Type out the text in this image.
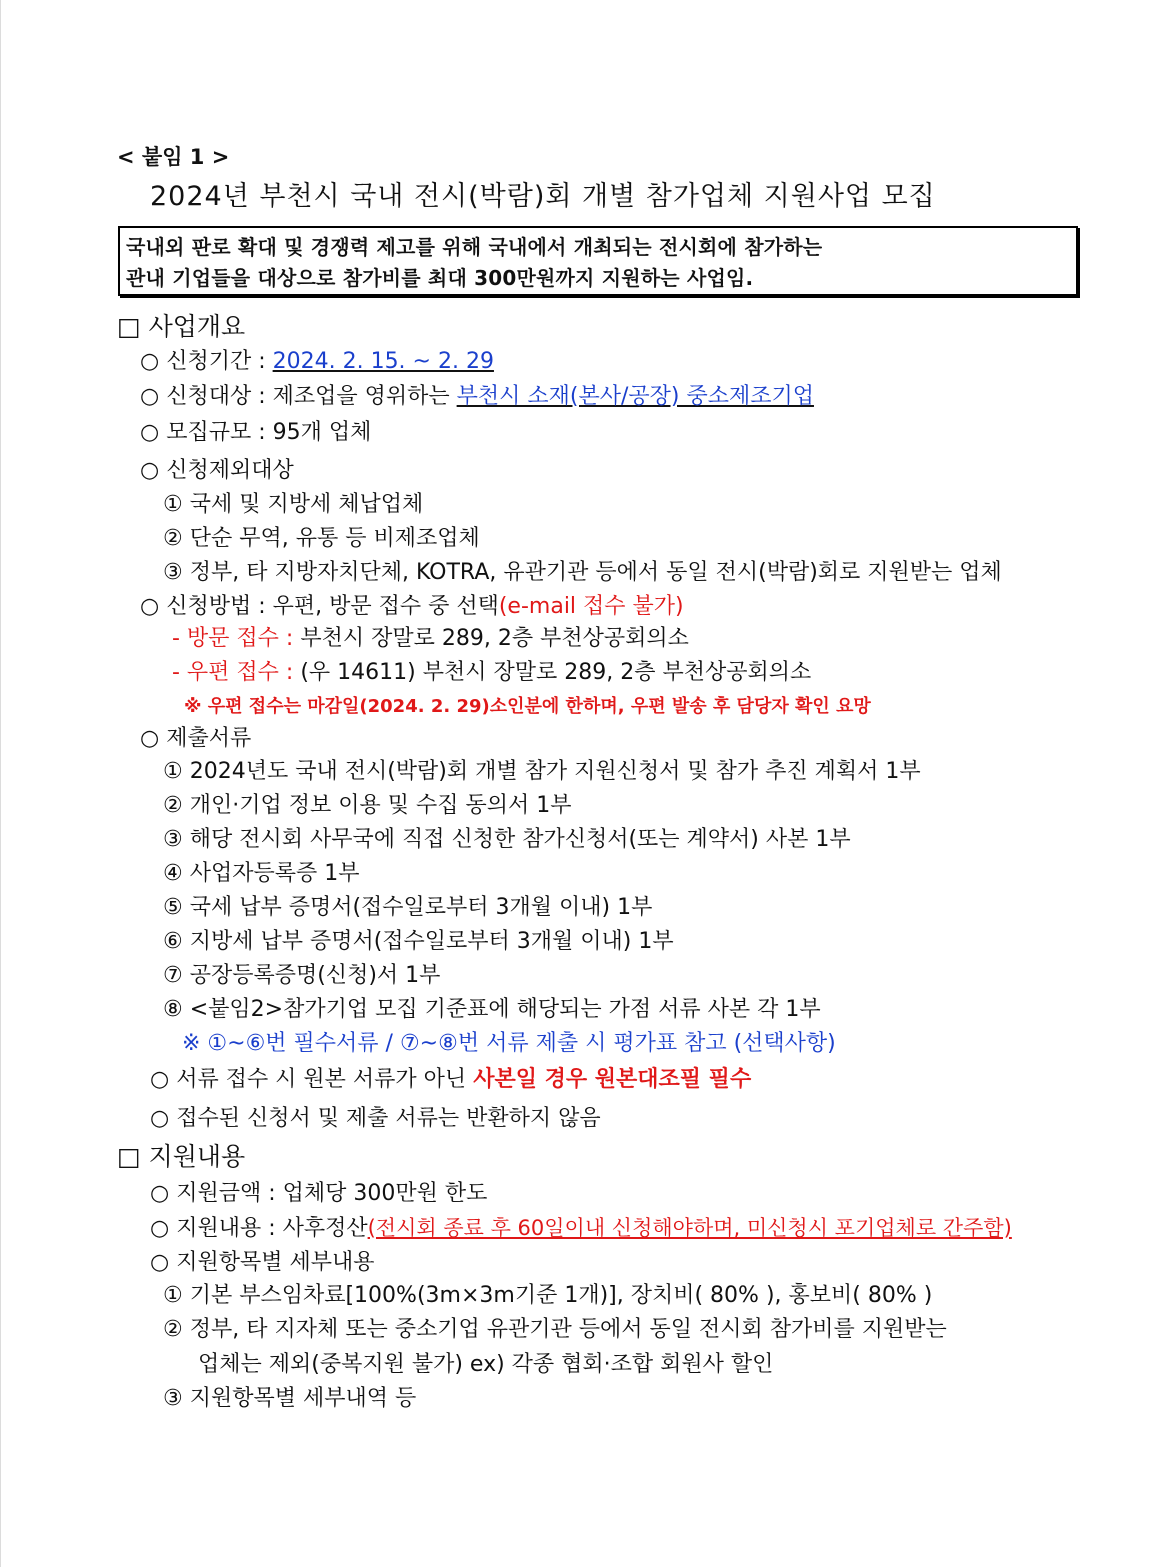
< 붙임 1 >
2024년 부천시 국내 전시(박람)회 개별 참가업체 지원사업 모집
국내외 판로 확대 및 경쟁력 제고를 위해 국내에서 개최되는 전시회에 참가하는
관내 기업들을 대상으로 참가비를 최대 300만원까지 지원하는 사업임.
□ 사업개요
○ 신청기간 : 2024. 2. 15. ~ 2. 29
○ 신청대상 : 제조업을 영위하는 부천시 소재(본사/공장) 중소제조기업
○ 모집규모 : 95개 업체
○ 신청제외대상
① 국세 및 지방세 체납업체
② 단순 무역, 유통 등 비제조업체
③ 정부, 타 지방자치단체, KOTRA, 유관기관 등에서 동일 전시(박람)회로 지원받는 업체
○ 신청방법 : 우편, 방문 접수 중 선택(e-mail 접수 불가)
- 방문 접수 : 부천시 장말로 289, 2층 부천상공회의소
- 우편 접수 : (우 14611) 부천시 장말로 289, 2층 부천상공회의소
※ 우편 접수는 마감일(2024. 2. 29)소인분에 한하며, 우편 발송 후 담당자 확인 요망
○ 제출서류
① 2024년도 국내 전시(박람)회 개별 참가 지원신청서 및 참가 추진 계획서 1부
② 개인·기업 정보 이용 및 수집 동의서 1부
③ 해당 전시회 사무국에 직접 신청한 참가신청서(또는 계약서) 사본 1부
④ 사업자등록증 1부
⑤ 국세 납부 증명서(접수일로부터 3개월 이내) 1부
⑥ 지방세 납부 증명서(접수일로부터 3개월 이내) 1부
⑦ 공장등록증명(신청)서 1부
⑧ <붙임2>참가기업 모집 기준표에 해당되는 가점 서류 사본 각 1부
※ ①~⑥번 필수서류 / ⑦~⑧번 서류 제출 시 평가표 참고 (선택사항)
○ 서류 접수 시 원본 서류가 아닌 사본일 경우 원본대조필 필수
○ 접수된 신청서 및 제출 서류는 반환하지 않음
□ 지원내용
○ 지원금액 : 업체당 300만원 한도
○ 지원내용 : 사후정산(전시회 종료 후 60일이내 신청해야하며, 미신청시 포기업체로 간주함)
○ 지원항목별 세부내용
① 기본 부스임차료[100%(3m×3m기준 1개)], 장치비( 80% ), 홍보비( 80% )
② 정부, 타 지자체 또는 중소기업 유관기관 등에서 동일 전시회 참가비를 지원받는
업체는 제외(중복지원 불가) ex) 각종 협회·조합 회원사 할인
③ 지원항목별 세부내역 등
